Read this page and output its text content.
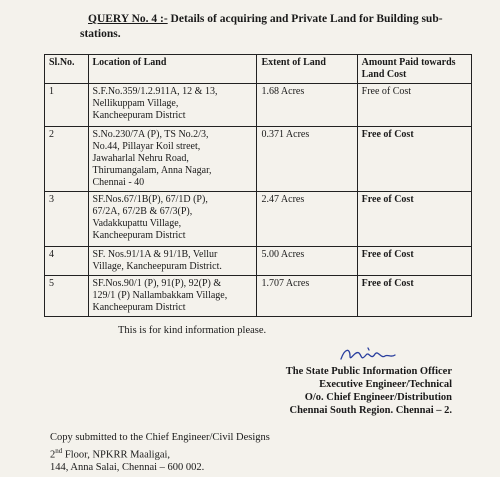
QUERY No. 4 :- Details of acquiring and Private Land for Building sub-
stations.
Sl.No.	Location of Land	Extent of Land	Amount Paid towards Land Cost
1	S.F.No.359/1.2.911A, 12 & 13,
Nellikuppam Village,
Kancheepuram District	1.68 Acres	Free of Cost
2	S.No.230/7A (P), TS No.2/3,
No.44, Pillayar Koil street,
Jawaharlal Nehru Road,
Thirumangalam, Anna Nagar,
Chennai - 40	0.371 Acres	Free of Cost
3	SF.Nos.67/1B(P), 67/1D (P),
67/2A, 67/2B & 67/3(P),
Vadakkupattu Village,
Kancheepuram District	2.47 Acres	Free of Cost
4	SF. Nos.91/1A & 91/1B, Vellur
Village, Kancheepuram District.	5.00 Acres	Free of Cost
5	SF.Nos.90/1 (P), 91(P), 92(P) &
129/1 (P) Nallambakkam Village,
Kancheepuram District	1.707 Acres	Free of Cost
This is for kind information please.
The State Public Information Officer
Executive Engineer/Technical
O/o. Chief Engineer/Distribution
Chennai South Region. Chennai – 2.
Copy submitted to the Chief Engineer/Civil Designs
2nd Floor, NPKRR Maaligai,
144, Anna Salai, Chennai – 600 002.
